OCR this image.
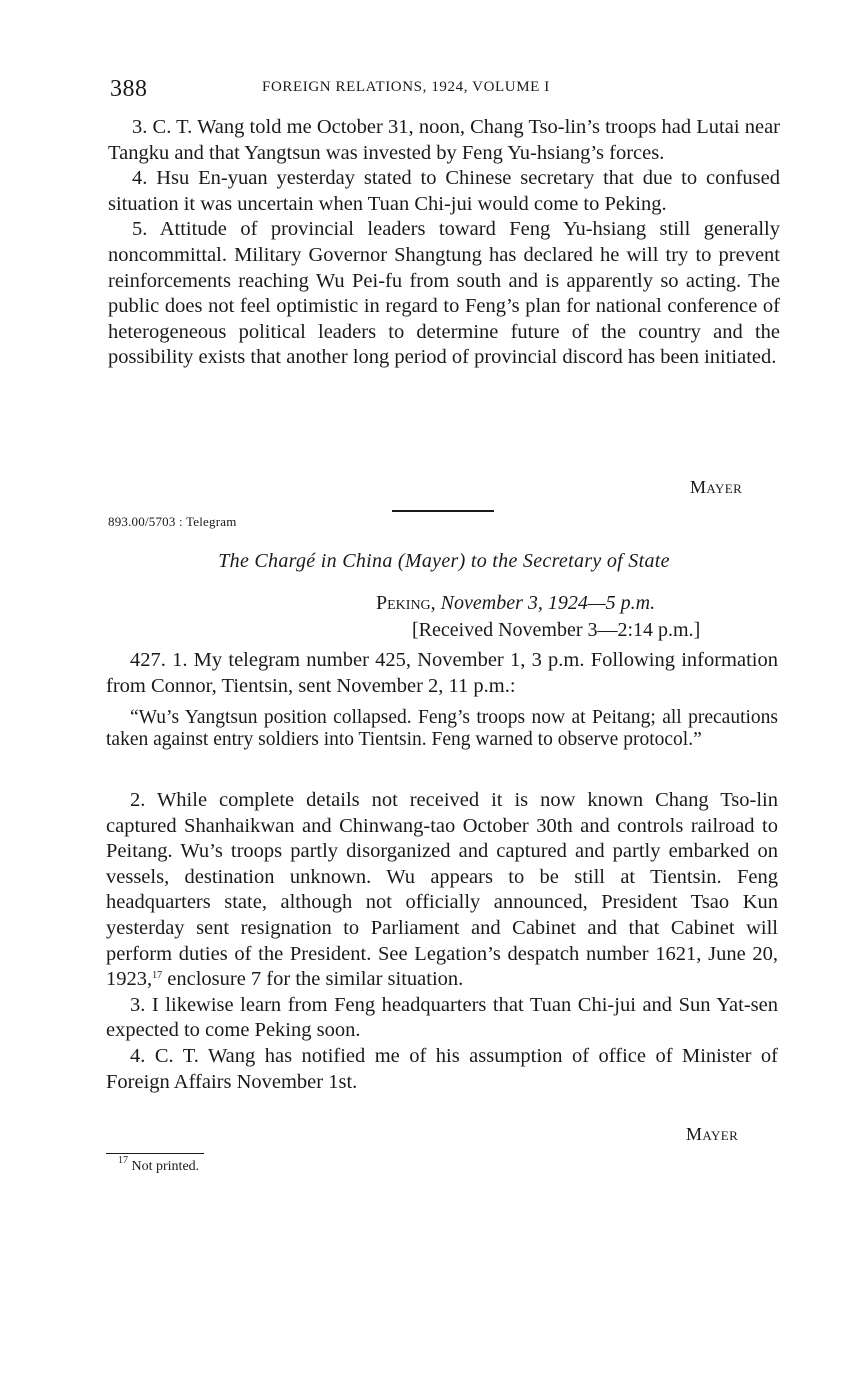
388	FOREIGN RELATIONS, 1924, VOLUME I

3. C. T. Wang told me October 31, noon, Chang Tso-lin’s troops had Lutai near Tangku and that Yangtsun was invested by Feng Yu-hsiang’s forces.

4. Hsu En-yuan yesterday stated to Chinese secretary that due to confused situation it was uncertain when Tuan Chi-jui would come to Peking.

5. Attitude of provincial leaders toward Feng Yu-hsiang still generally noncommittal. Military Governor Shangtung has declared he will try to prevent reinforcements reaching Wu Pei-fu from south and is apparently so acting. The public does not feel optimistic in regard to Feng’s plan for national conference of heterogeneous political leaders to determine future of the country and the possibility exists that another long period of provincial discord has been initiated.

Mayer
893.00/5703 : Telegram
The Chargé in China (Mayer) to the Secretary of State
Peking, November 3, 1924—5 p.m.
[Received November 3—2:14 p.m.]

427. 1. My telegram number 425, November 1, 3 p.m. Following information from Connor, Tientsin, sent November 2, 11 p.m.:

“Wu’s Yangtsun position collapsed. Feng’s troops now at Peitang; all precautions taken against entry soldiers into Tientsin. Feng warned to observe protocol.”

2. While complete details not received it is now known Chang Tso-lin captured Shanhaikwan and Chinwang-tao October 30th and controls railroad to Peitang. Wu’s troops partly disorganized and captured and partly embarked on vessels, destination unknown. Wu appears to be still at Tientsin. Feng headquarters state, although not officially announced, President Tsao Kun yesterday sent resignation to Parliament and Cabinet and that Cabinet will perform duties of the President. See Legation’s despatch number 1621, June 20, 1923,17 enclosure 7 for the similar situation.

3. I likewise learn from Feng headquarters that Tuan Chi-jui and Sun Yat-sen expected to come Peking soon.

4. C. T. Wang has notified me of his assumption of office of Minister of Foreign Affairs November 1st.

Mayer
$^{17}$ Not printed.
